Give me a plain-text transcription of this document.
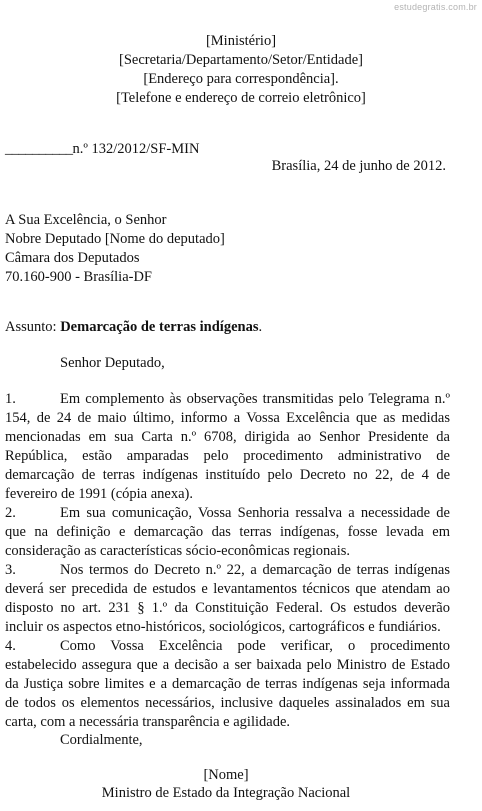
estudegratis.com.br
[Ministério]
[Secretaria/Departamento/Setor/Entidade]
[Endereço para correspondência].
[Telefone e endereço de correio eletrônico]
__________n.º 132/2012/SF-MIN
Brasília, 24 de junho de 2012.
A Sua Excelência, o Senhor
Nobre Deputado [Nome do deputado]
Câmara dos Deputados
70.160-900 - Brasília-DF
Assunto: Demarcação de terras indígenas.
Senhor Deputado,
1.	Em complemento às observações transmitidas pelo Telegrama n.º 154, de 24 de maio último, informo a Vossa Excelência que as medidas mencionadas em sua Carta n.º 6708, dirigida ao Senhor Presidente da República, estão amparadas pelo procedimento administrativo de demarcação de terras indígenas instituído pelo Decreto no 22, de 4 de fevereiro de 1991 (cópia anexa).
2.	Em sua comunicação, Vossa Senhoria ressalva a necessidade de que na definição e demarcação das terras indígenas, fosse levada em consideração as características sócio-econômicas regionais.
3.	Nos termos do Decreto n.º 22, a demarcação de terras indígenas deverá ser precedida de estudos e levantamentos técnicos que atendam ao disposto no art. 231 § 1.º da Constituição Federal. Os estudos deverão incluir os aspectos etno-históricos, sociológicos, cartográficos e fundiários.
4.	Como Vossa Excelência pode verificar, o procedimento estabelecido assegura que a decisão a ser baixada pelo Ministro de Estado da Justiça sobre limites e a demarcação de terras indígenas seja informada de todos os elementos necessários, inclusive daqueles assinalados em sua carta, com a necessária transparência e agilidade.
Cordialmente,
[Nome]
Ministro de Estado da Integração Nacional
